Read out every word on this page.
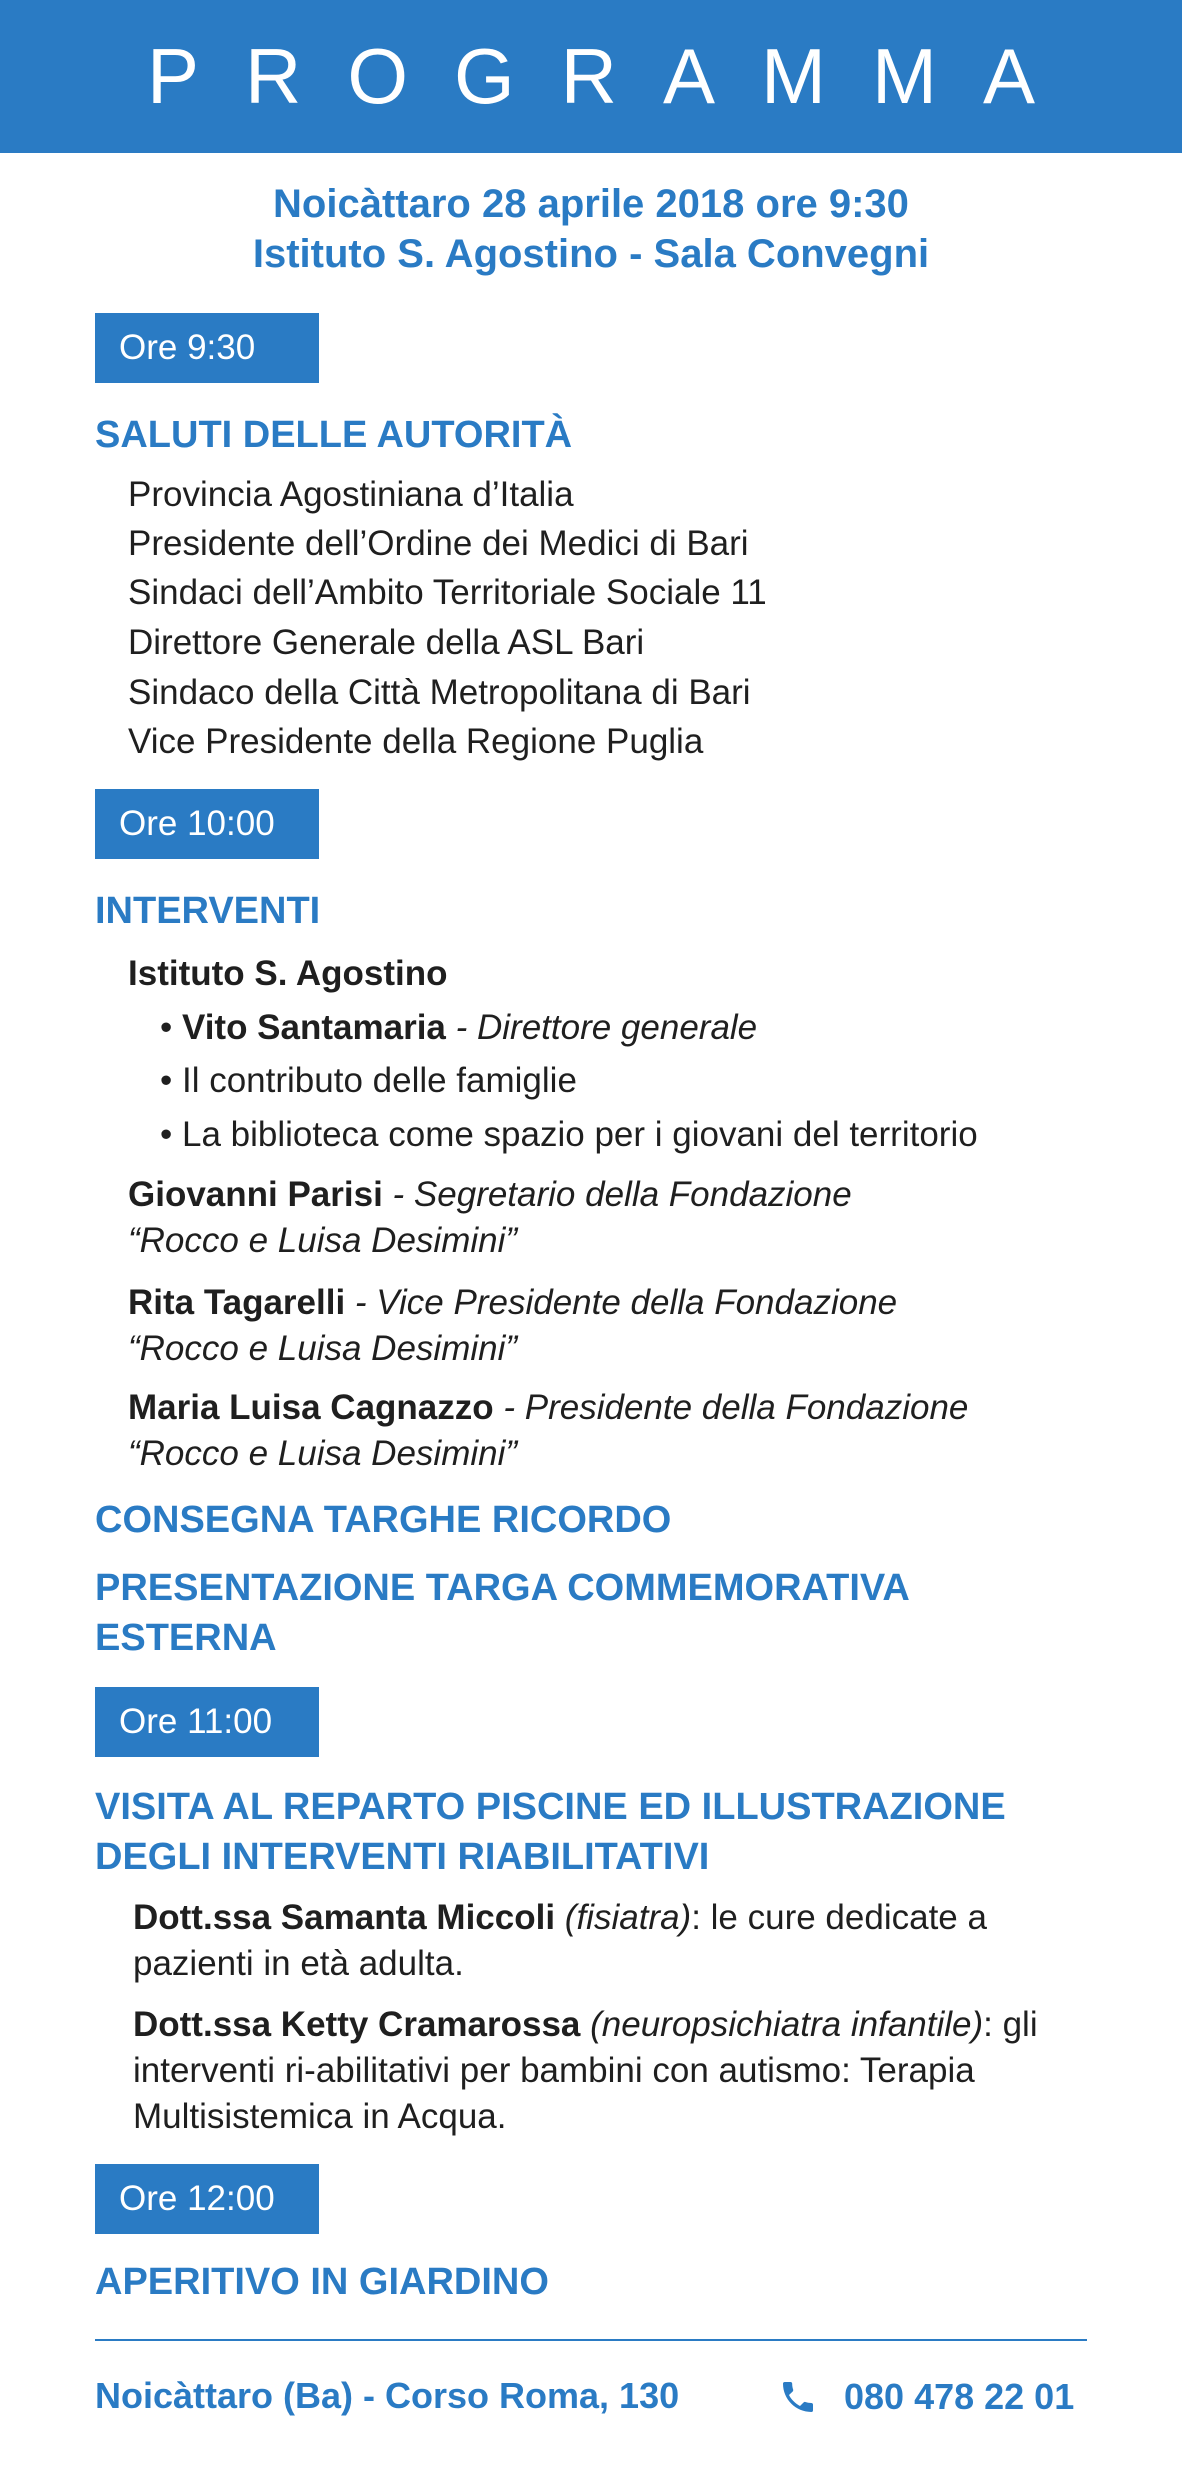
PROGRAMMA
Noicàttaro 28 aprile 2018 ore 9:30
Istituto S. Agostino - Sala Convegni
Ore 9:30
SALUTI DELLE AUTORITÀ
Provincia Agostiniana d’Italia
Presidente dell’Ordine dei Medici di Bari
Sindaci dell’Ambito Territoriale Sociale 11
Direttore Generale della ASL Bari
Sindaco della Città Metropolitana di Bari
Vice Presidente della Regione Puglia
Ore 10:00
INTERVENTI
Istituto S. Agostino
• Vito Santamaria - Direttore generale
• Il contributo delle famiglie
• La biblioteca come spazio per i giovani del territorio
Giovanni Parisi - Segretario della Fondazione
“Rocco e Luisa Desimini”
Rita Tagarelli - Vice Presidente della Fondazione
“Rocco e Luisa Desimini”
Maria Luisa Cagnazzo - Presidente della Fondazione
“Rocco e Luisa Desimini”
CONSEGNA TARGHE RICORDO
PRESENTAZIONE TARGA COMMEMORATIVA
ESTERNA
Ore 11:00
VISITA AL REPARTO PISCINE ED ILLUSTRAZIONE
DEGLI INTERVENTI RIABILITATIVI
Dott.ssa Samanta Miccoli (fisiatra): le cure dedicate a pazienti in età adulta.
Dott.ssa Ketty Cramarossa (neuropsichiatra infantile): gli interventi ri-abilitativi per bambini con autismo: Terapia Multisistemica in Acqua.
Ore 12:00
APERITIVO IN GIARDINO
Noicàttaro (Ba) - Corso Roma, 130	080 478 22 01
